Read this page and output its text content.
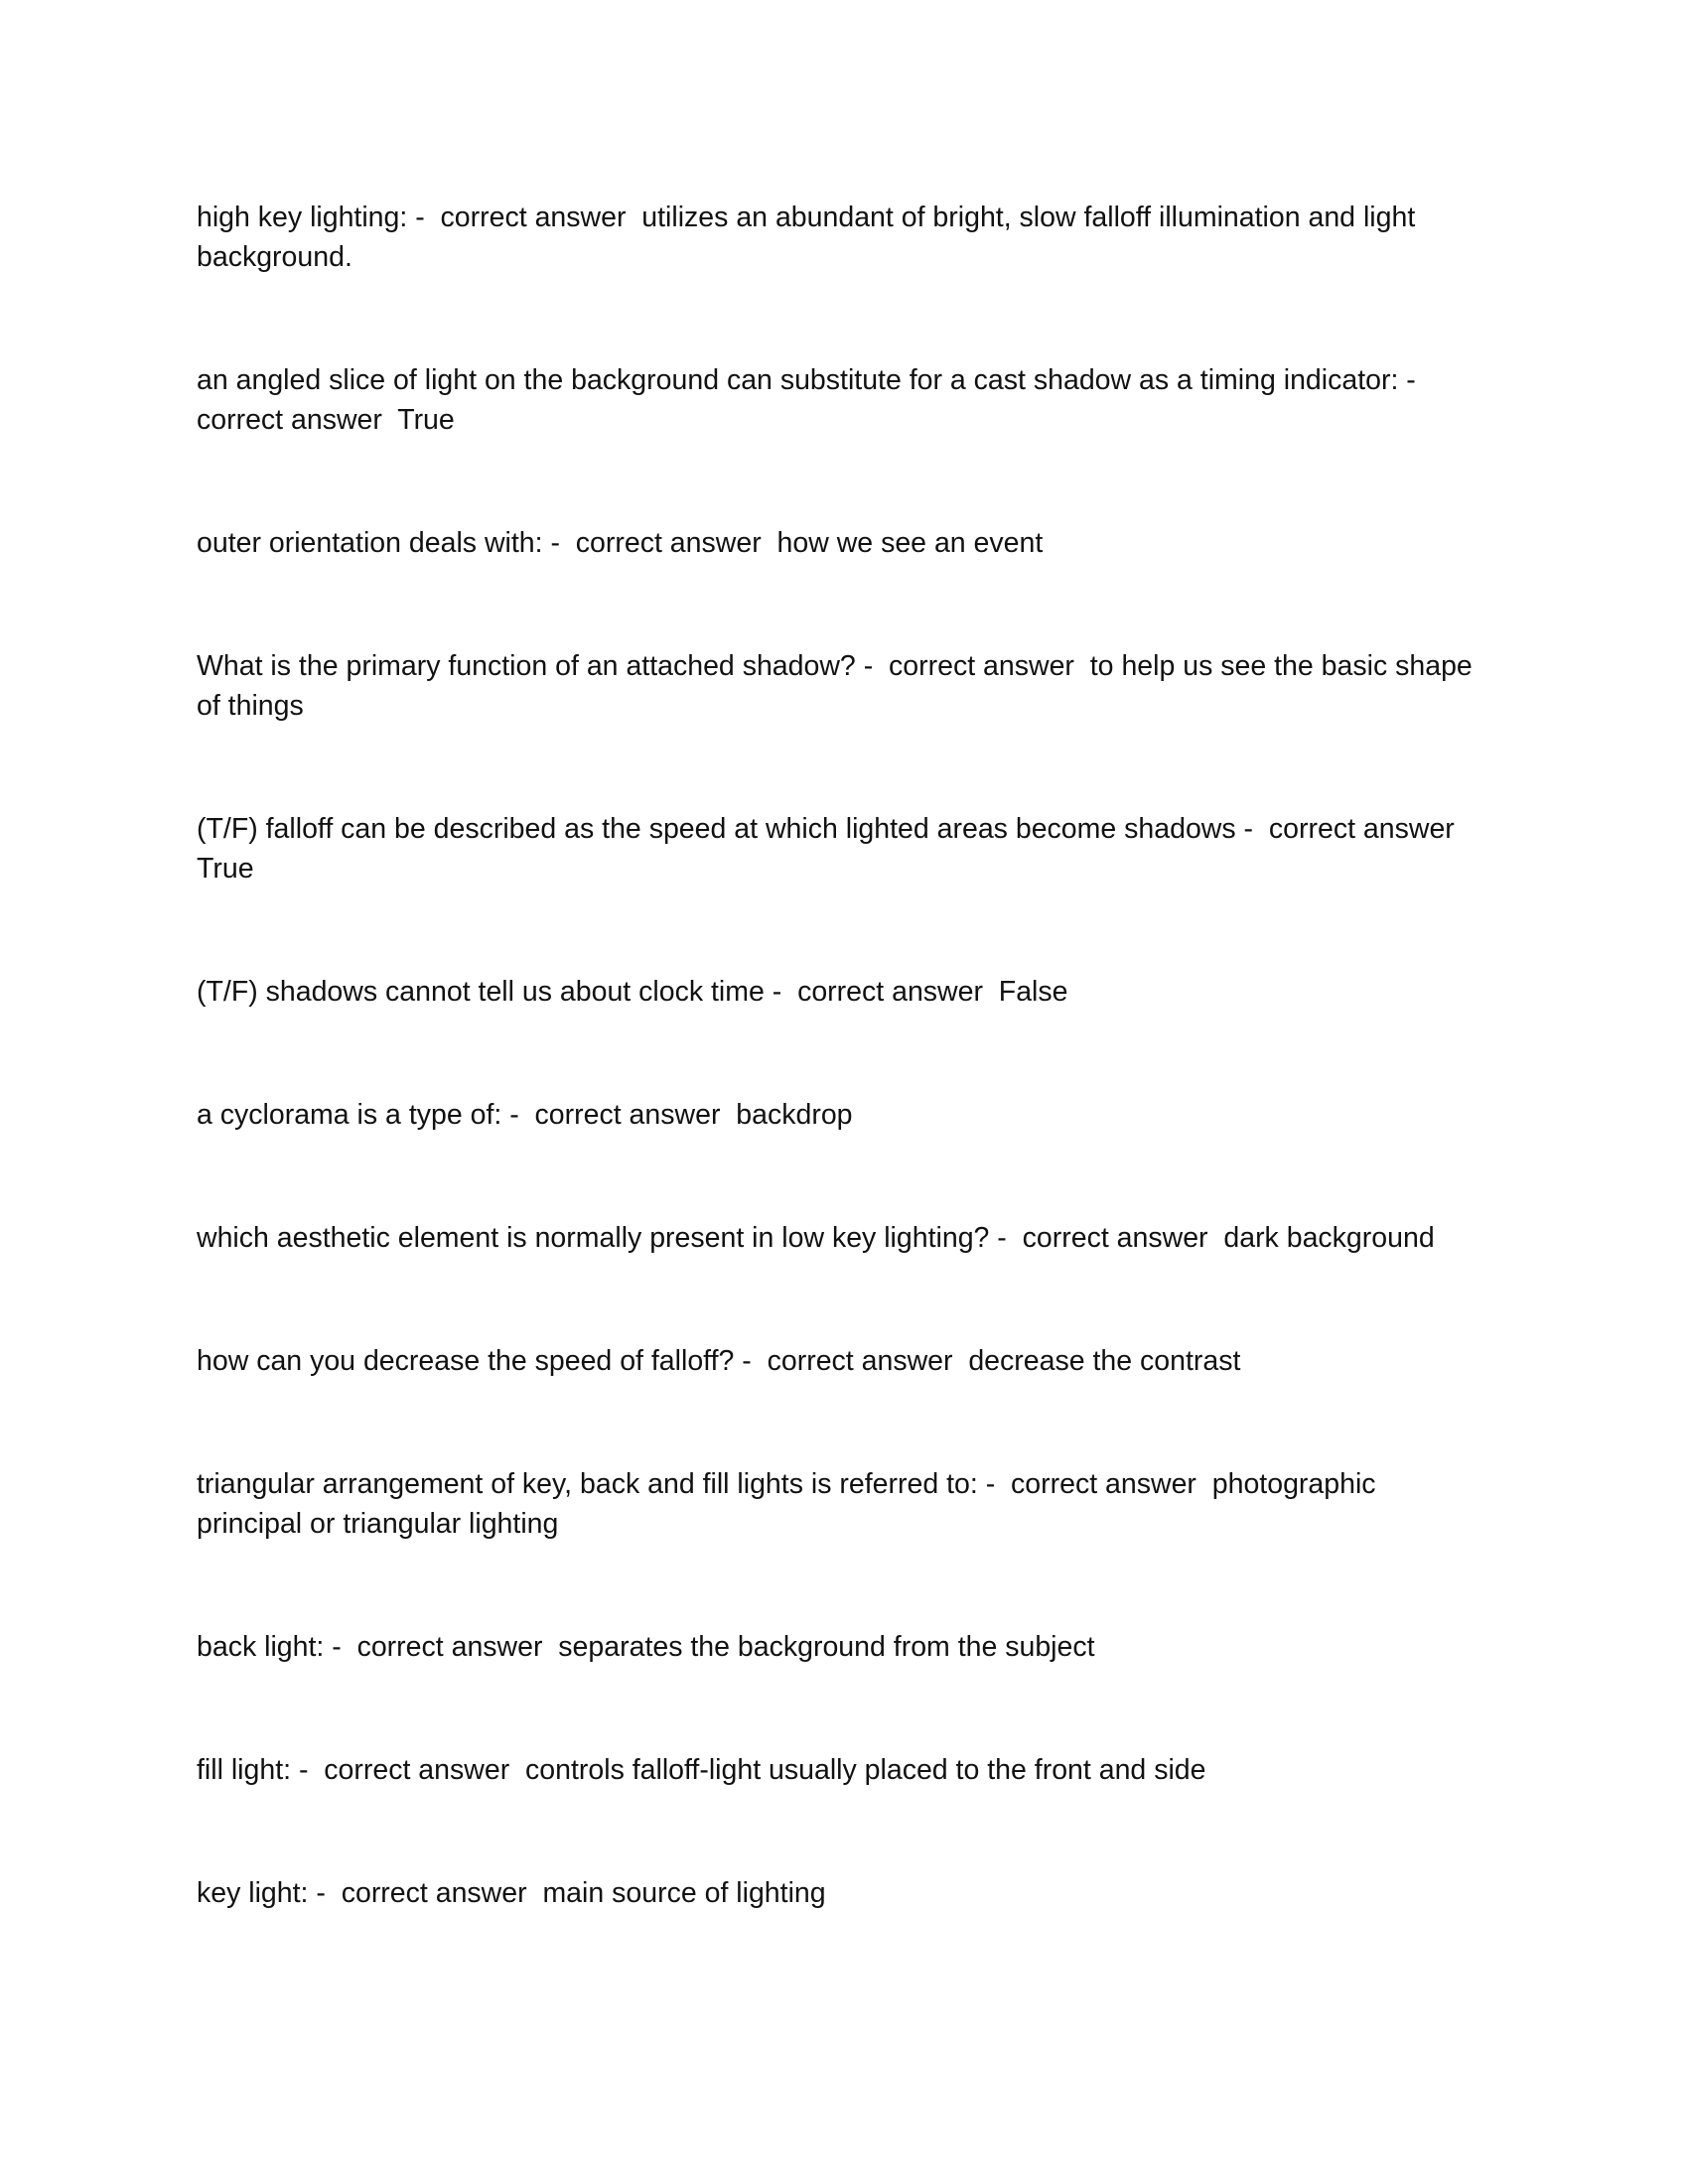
high key lighting: -  correct answer  utilizes an abundant of bright, slow falloff illumination and light background.

an angled slice of light on the background can substitute for a cast shadow as a timing indicator: - correct answer  True

outer orientation deals with: -  correct answer  how we see an event

What is the primary function of an attached shadow? -  correct answer  to help us see the basic shape of things

(T/F) falloff can be described as the speed at which lighted areas become shadows -  correct answer True

(T/F) shadows cannot tell us about clock time -  correct answer  False

a cyclorama is a type of: -  correct answer  backdrop

which aesthetic element is normally present in low key lighting? -  correct answer  dark background

how can you decrease the speed of falloff? -  correct answer  decrease the contrast

triangular arrangement of key, back and fill lights is referred to: -  correct answer  photographic principal or triangular lighting

back light: -  correct answer  separates the background from the subject

fill light: -  correct answer  controls falloff-light usually placed to the front and side

key light: -  correct answer  main source of lighting
